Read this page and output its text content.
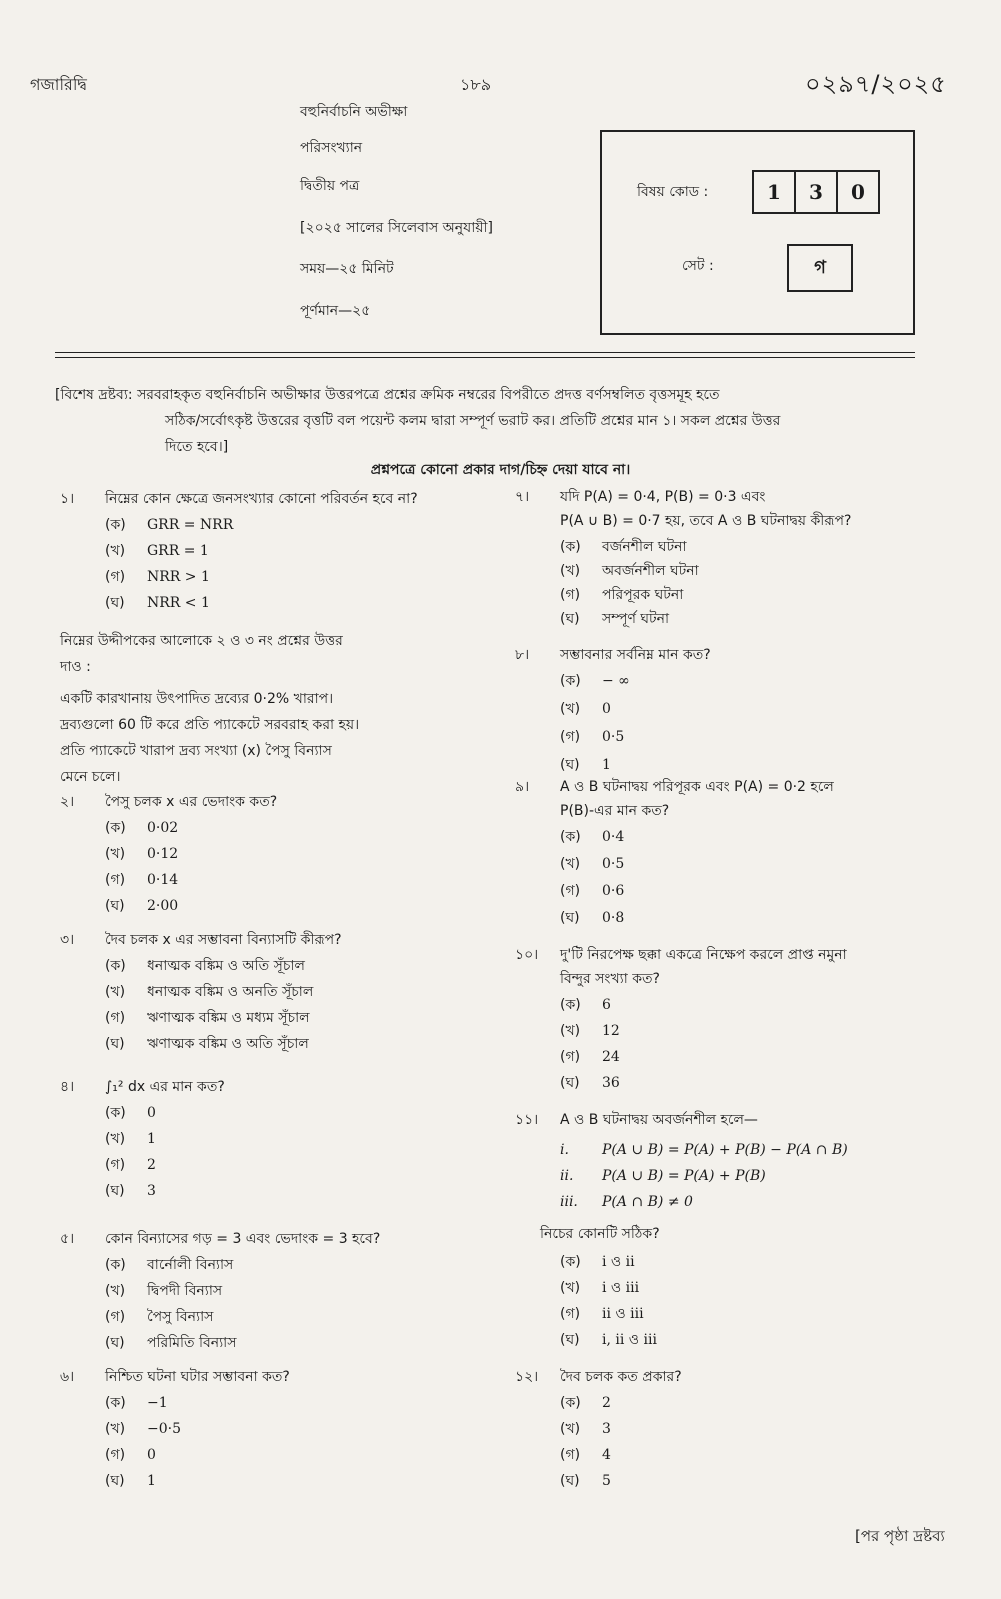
গজারিদ্বি	১৮৯	০২৯৭/২০২৫
বহুনির্বাচনি অভীক্ষা
পরিসংখ্যান
দ্বিতীয় পত্র
[২০২৫ সালের সিলেবাস অনুযায়ী]
সময়—২৫ মিনিট
পূর্ণমান—২৫
বিষয় কোড :	1	3	0
সেট :	গ
[বিশেষ দ্রষ্টব্য: সরবরাহকৃত বহুনির্বাচনি অভীক্ষার উত্তরপত্রে প্রশ্নের ক্রমিক নম্বরের বিপরীতে প্রদত্ত বর্ণসম্বলিত বৃত্তসমূহ হতে
সঠিক/সর্বোৎকৃষ্ট উত্তরের বৃত্তটি বল পয়েন্ট কলম দ্বারা সম্পূর্ণ ভরাট কর। প্রতিটি প্রশ্নের মান ১। সকল প্রশ্নের উত্তর
দিতে হবে।]
প্রশ্নপত্রে কোনো প্রকার দাগ/চিহ্ন দেয়া যাবে না।
১। নিম্নের কোন ক্ষেত্রে জনসংখ্যার কোনো পরিবর্তন হবে না?
(ক) GRR = NRR
(খ) GRR = 1
(গ) NRR > 1
(ঘ) NRR < 1
২। পৈসু চলক x এর ভেদাংক কত?
(ক) 0·02
(খ) 0·12
(গ) 0·14
(ঘ) 2·00
৩। দৈব চলক x এর সম্ভাবনা বিন্যাসটি কীরূপ?
(ক) ধনাত্মক বঙ্কিম ও অতি সূঁচাল
(খ) ধনাত্মক বঙ্কিম ও অনতি সূঁচাল
(গ) ঋণাত্মক বঙ্কিম ও মধ্যম সূঁচাল
(ঘ) ঋণাত্মক বঙ্কিম ও অতি সূঁচাল
৪। ∫₁² dx এর মান কত?
(ক) 0
(খ) 1
(গ) 2
(ঘ) 3
৫। কোন বিন্যাসের গড় = 3 এবং ভেদাংক = 3 হবে?
(ক) বার্নোলী বিন্যাস
(খ) দ্বিপদী বিন্যাস
(গ) পৈসু বিন্যাস
(ঘ) পরিমিতি বিন্যাস
৬। নিশ্চিত ঘটনা ঘটার সম্ভাবনা কত?
(ক) −1
(খ) −0·5
(গ) 0
(ঘ) 1
৭। যদি P(A) = 0·4, P(B) = 0·3 এবং
P(A ∪ B) = 0·7 হয়, তবে A ও B ঘটনাদ্বয় কীরূপ?
(ক) বর্জনশীল ঘটনা
(খ) অবর্জনশীল ঘটনা
(গ) পরিপূরক ঘটনা
(ঘ) সম্পূর্ণ ঘটনা
৮। সম্ভাবনার সর্বনিম্ন মান কত?
(ক) − ∞
(খ) 0
(গ) 0·5
(ঘ) 1
৯। A ও B ঘটনাদ্বয় পরিপূরক এবং P(A) = 0·2 হলে
P(B)-এর মান কত?
(ক) 0·4
(খ) 0·5
(গ) 0·6
(ঘ) 0·8
১০। দু'টি নিরপেক্ষ ছক্কা একত্রে নিক্ষেপ করলে প্রাপ্ত নমুনা
বিন্দুর সংখ্যা কত?
(ক) 6
(খ) 12
(গ) 24
(ঘ) 36
১১। A ও B ঘটনাদ্বয় অবর্জনশীল হলে—
i. P(A ∪ B) = P(A) + P(B) − P(A ∩ B)
ii. P(A ∪ B) = P(A) + P(B)
iii. P(A ∩ B) ≠ 0
নিচের কোনটি সঠিক?
(ক) i ও ii
(খ) i ও iii
(গ) ii ও iii
(ঘ) i, ii ও iii
১২। দৈব চলক কত প্রকার?
(ক) 2
(খ) 3
(গ) 4
(ঘ) 5
নিম্নের উদ্দীপকের আলোকে ২ ও ৩ নং প্রশ্নের উত্তর
দাও :
একটি কারখানায় উৎপাদিত দ্রব্যের 0·2% খারাপ।
দ্রব্যগুলো 60 টি করে প্রতি প্যাকেটে সরবরাহ করা হয়।
প্রতি প্যাকেটে খারাপ দ্রব্য সংখ্যা (x) পৈসু বিন্যাস
মেনে চলে।
[পর পৃষ্ঠা দ্রষ্টব্য
